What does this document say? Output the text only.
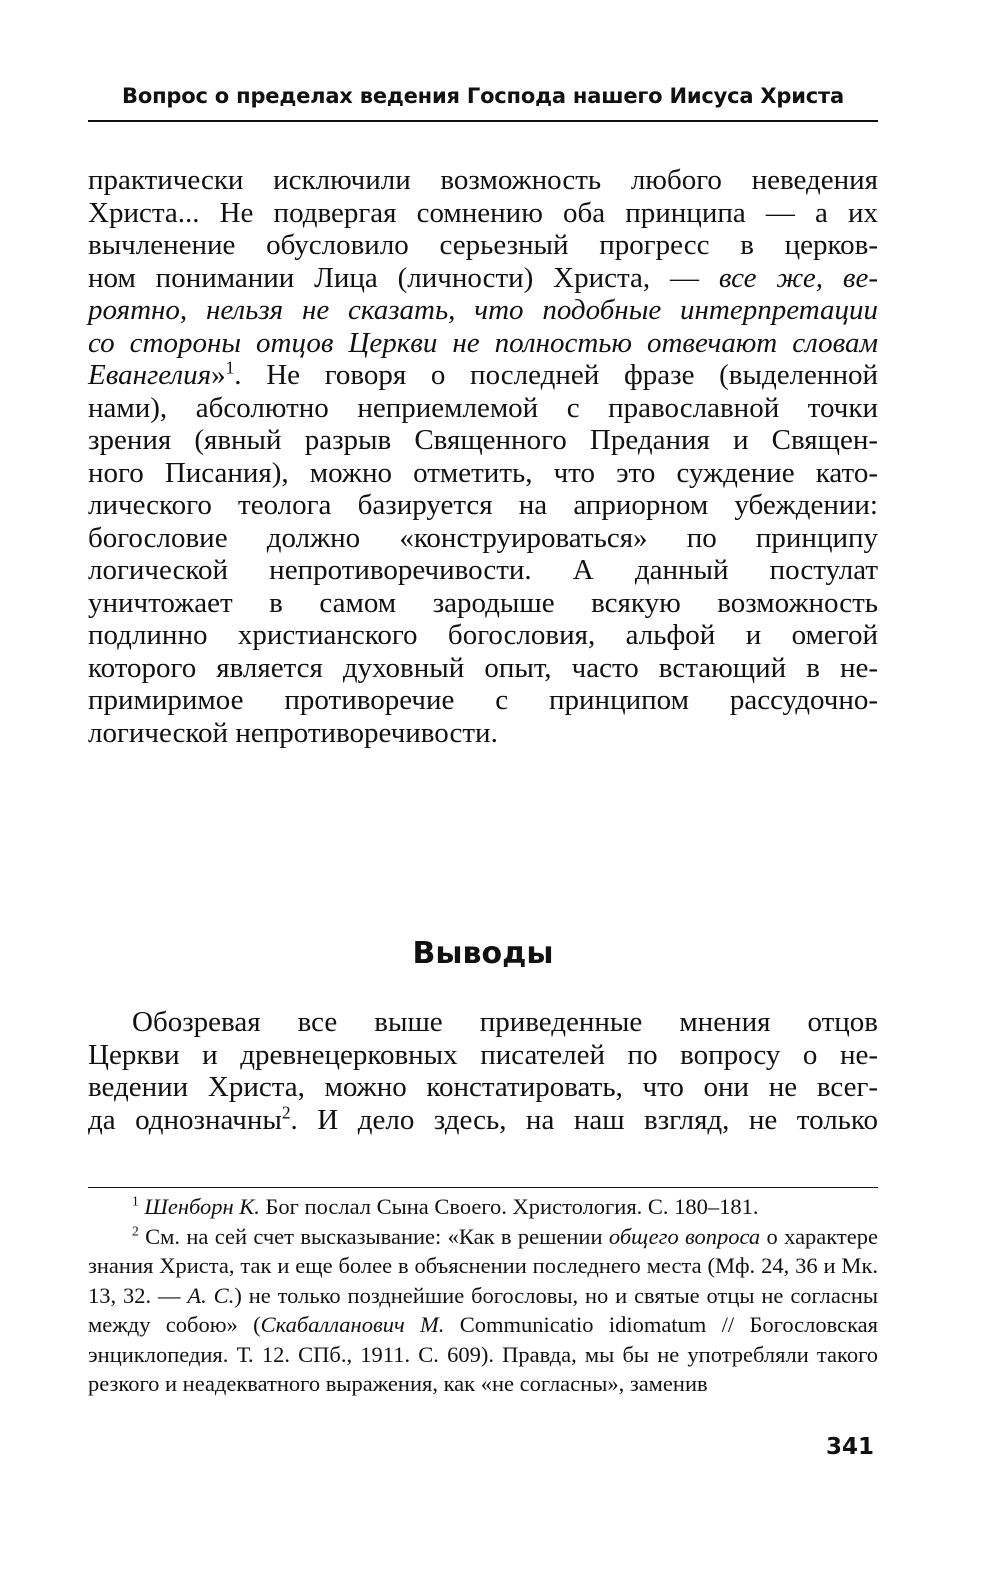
Вопрос о пределах ведения Господа нашего Иисуса Христа
практически исключили возможность любого неведения
Христа... Не подвергая сомнению оба принципа — а их
вычленение обусловило серьезный прогресс в церков-
ном понимании Лица (личности) Христа, — все же, ве-
роятно, нельзя не сказать, что подобные интерпретации
со стороны отцов Церкви не полностью отвечают словам
Евангелия»$^1$. Не говоря о последней фразе (выделенной
нами), абсолютно неприемлемой с православной точки
зрения (явный разрыв Священного Предания и Священ-
ного Писания), можно отметить, что это суждение като-
лического теолога базируется на априорном убеждении:
богословие должно «конструироваться» по принципу
логической непротиворечивости. А данный постулат
уничтожает в самом зародыше всякую возможность
подлинно христианского богословия, альфой и омегой
которого является духовный опыт, часто встающий в не-
примиримое противоречие с принципом рассудочно-
логической непротиворечивости.
Выводы
Обозревая все выше приведенные мнения отцов
Церкви и древнецерковных писателей по вопросу о не-
ведении Христа, можно констатировать, что они не всег-
да однозначны$^2$. И дело здесь, на наш взгляд, не только
$^1$ Шенборн К. Бог послал Сына Своего. Христология. С. 180–181.
$^2$ См. на сей счет высказывание: «Как в решении общего вопроса о характере знания Христа, так и еще более в объяснении последнего места (Мф. 24, 36 и Мк. 13, 32. — А. С.) не только позднейшие богословы, но и святые отцы не согласны между собою» (Скабалланович М. Communicatio idiomatum // Богословская энциклопедия. Т. 12. СПб., 1911. С. 609). Правда, мы бы не употребляли такого резкого и неадекватного выражения, как «не согласны», заменив
341
